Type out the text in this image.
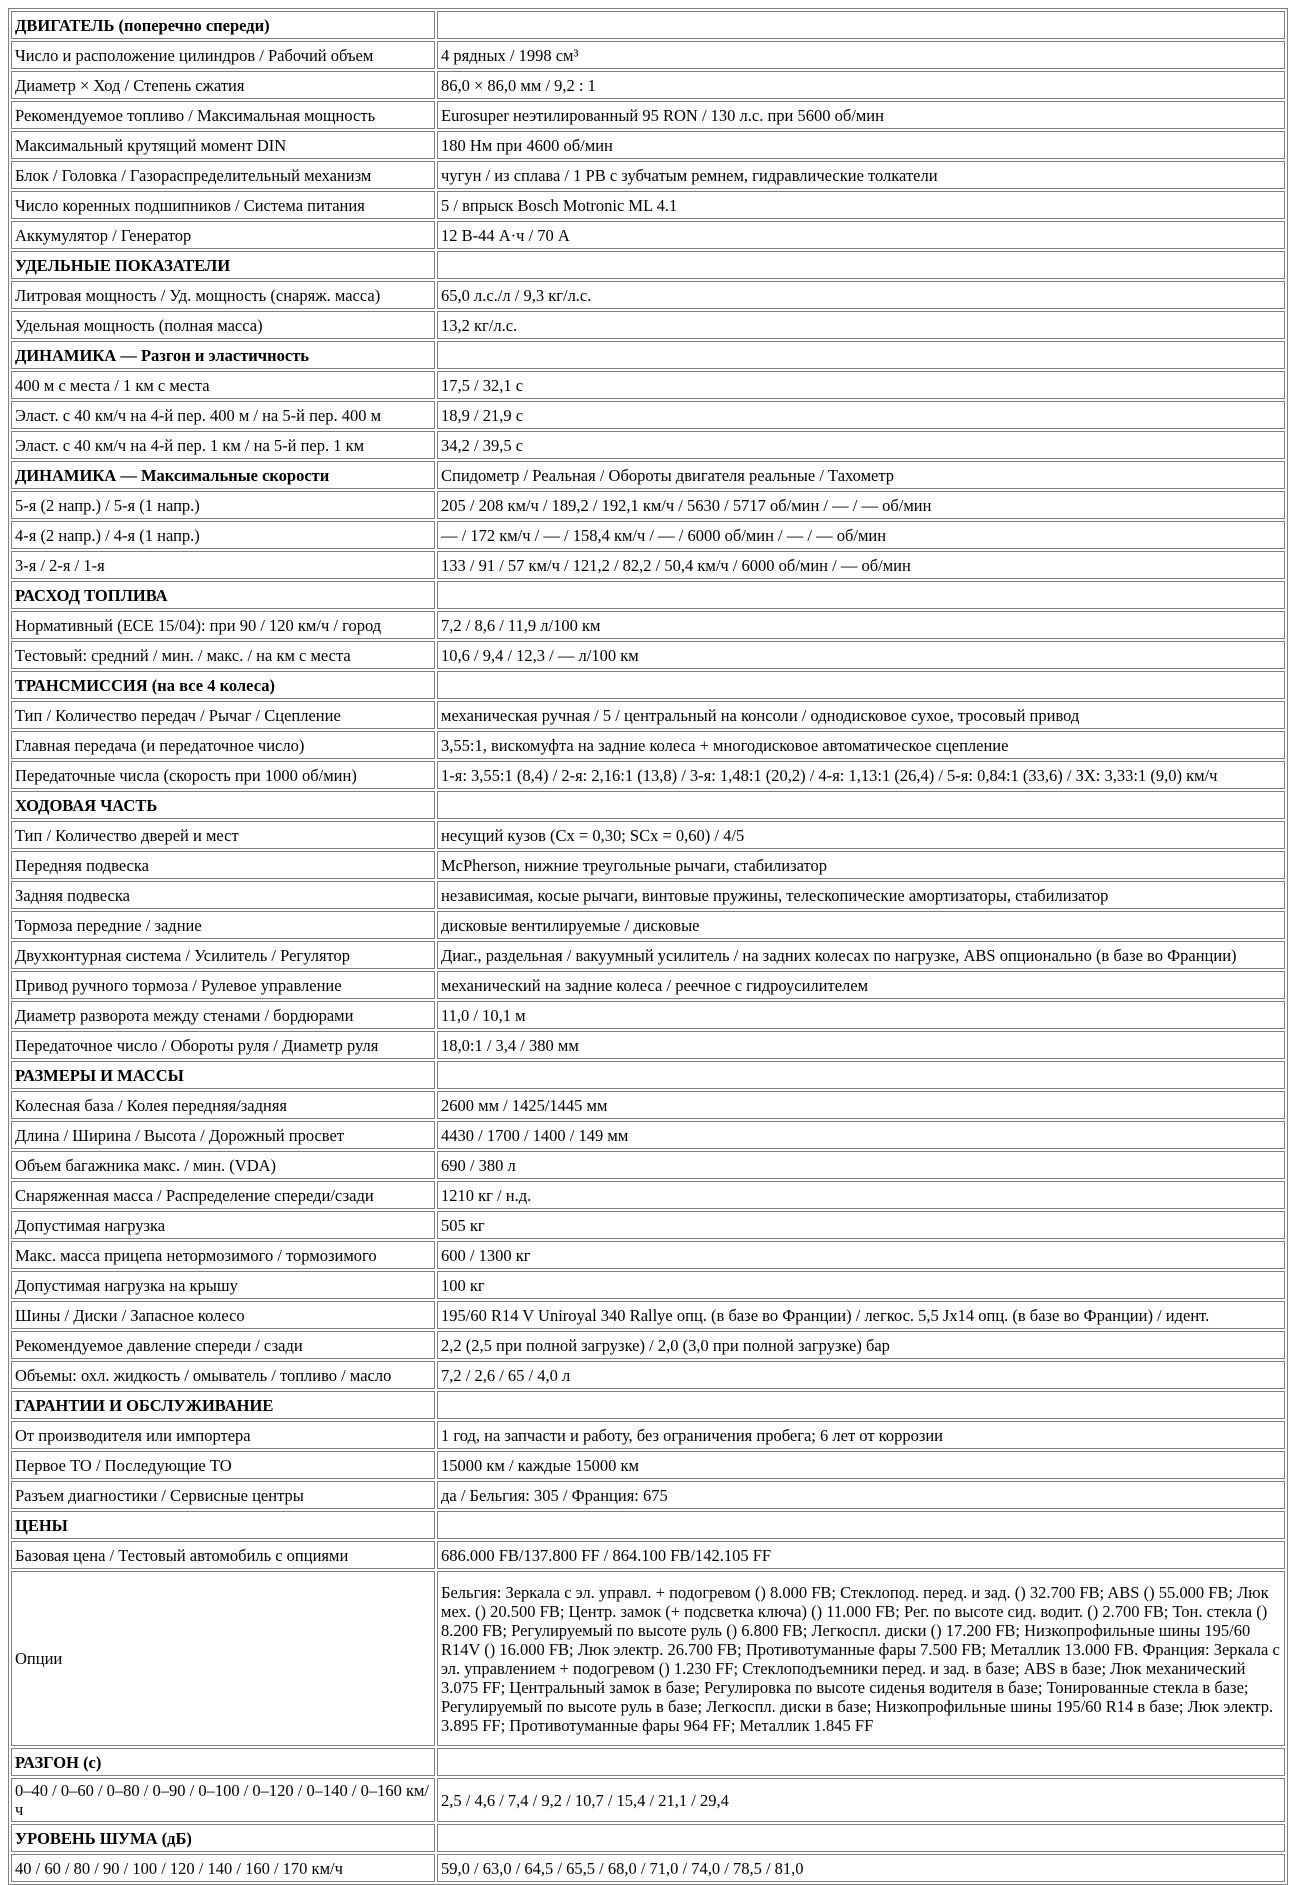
ДВИГАТЕЛЬ (поперечно спереди)	
Число и расположение цилиндров / Рабочий объем	4 рядных / 1998 см³
Диаметр × Ход / Степень сжатия	86,0 × 86,0 мм / 9,2 : 1
Рекомендуемое топливо / Максимальная мощность	Eurosuper неэтилированный 95 RON / 130 л.с. при 5600 об/мин
Максимальный крутящий момент DIN	180 Нм при 4600 об/мин
Блок / Головка / Газораспределительный механизм	чугун / из сплава / 1 РВ с зубчатым ремнем, гидравлические толкатели
Число коренных подшипников / Система питания	5 / впрыск Bosch Motronic ML 4.1
Аккумулятор / Генератор	12 В-44 А·ч / 70 А
УДЕЛЬНЫЕ ПОКАЗАТЕЛИ	
Литровая мощность / Уд. мощность (снаряж. масса)	65,0 л.с./л / 9,3 кг/л.с.
Удельная мощность (полная масса)	13,2 кг/л.с.
ДИНАМИКА — Разгон и эластичность	
400 м с места / 1 км с места	17,5 / 32,1 с
Эласт. с 40 км/ч на 4-й пер. 400 м / на 5-й пер. 400 м	18,9 / 21,9 с
Эласт. с 40 км/ч на 4-й пер. 1 км / на 5-й пер. 1 км	34,2 / 39,5 с
ДИНАМИКА — Максимальные скорости	Спидометр / Реальная / Обороты двигателя реальные / Тахометр
5-я (2 напр.) / 5-я (1 напр.)	205 / 208 км/ч / 189,2 / 192,1 км/ч / 5630 / 5717 об/мин / — / — об/мин
4-я (2 напр.) / 4-я (1 напр.)	— / 172 км/ч / — / 158,4 км/ч / — / 6000 об/мин / — / — об/мин
3-я / 2-я / 1-я	133 / 91 / 57 км/ч / 121,2 / 82,2 / 50,4 км/ч / 6000 об/мин / — об/мин
РАСХОД ТОПЛИВА	
Нормативный (ЕСЕ 15/04): при 90 / 120 км/ч / город	7,2 / 8,6 / 11,9 л/100 км
Тестовый: средний / мин. / макс. / на км с места	10,6 / 9,4 / 12,3 / — л/100 км
ТРАНСМИССИЯ (на все 4 колеса)	
Тип / Количество передач / Рычаг / Сцепление	механическая ручная / 5 / центральный на консоли / однодисковое сухое, тросовый привод
Главная передача (и передаточное число)	3,55:1, вискомуфта на задние колеса + многодисковое автоматическое сцепление
Передаточные числа (скорость при 1000 об/мин)	1-я: 3,55:1 (8,4) / 2-я: 2,16:1 (13,8) / 3-я: 1,48:1 (20,2) / 4-я: 1,13:1 (26,4) / 5-я: 0,84:1 (33,6) / ЗХ: 3,33:1 (9,0) км/ч
ХОДОВАЯ ЧАСТЬ	
Тип / Количество дверей и мест	несущий кузов (Cx = 0,30; SCx = 0,60) / 4/5
Передняя подвеска	McPherson, нижние треугольные рычаги, стабилизатор
Задняя подвеска	независимая, косые рычаги, винтовые пружины, телескопические амортизаторы, стабилизатор
Тормоза передние / задние	дисковые вентилируемые / дисковые
Двухконтурная система / Усилитель / Регулятор	Диаг., раздельная / вакуумный усилитель / на задних колесах по нагрузке, ABS опционально (в базе во Франции)
Привод ручного тормоза / Рулевое управление	механический на задние колеса / реечное с гидроусилителем
Диаметр разворота между стенами / бордюрами	11,0 / 10,1 м
Передаточное число / Обороты руля / Диаметр руля	18,0:1 / 3,4 / 380 мм
РАЗМЕРЫ И МАССЫ	
Колесная база / Колея передняя/задняя	2600 мм / 1425/1445 мм
Длина / Ширина / Высота / Дорожный просвет	4430 / 1700 / 1400 / 149 мм
Объем багажника макс. / мин. (VDA)	690 / 380 л
Снаряженная масса / Распределение спереди/сзади	1210 кг / н.д.
Допустимая нагрузка	505 кг
Макс. масса прицепа нетормозимого / тормозимого	600 / 1300 кг
Допустимая нагрузка на крышу	100 кг
Шины / Диски / Запасное колесо	195/60 R14 V Uniroyal 340 Rallye опц. (в базе во Франции) / легкос. 5,5 Jx14 опц. (в базе во Франции) / идент.
Рекомендуемое давление спереди / сзади	2,2 (2,5 при полной загрузке) / 2,0 (3,0 при полной загрузке) бар
Объемы: охл. жидкость / омыватель / топливо / масло	7,2 / 2,6 / 65 / 4,0 л
ГАРАНТИИ И ОБСЛУЖИВАНИЕ	
От производителя или импортера	1 год, на запчасти и работу, без ограничения пробега; 6 лет от коррозии
Первое ТО / Последующие ТО	15000 км / каждые 15000 км
Разъем диагностики / Сервисные центры	да / Бельгия: 305 / Франция: 675
ЦЕНЫ	
Базовая цена / Тестовый автомобиль с опциями	686.000 FB/137.800 FF / 864.100 FB/142.105 FF
Опции	Бельгия: Зеркала с эл. управл. + подогревом () 8.000 FB; Стеклопод. перед. и зад. () 32.700 FB; ABS () 55.000 FB; Люк мех. () 20.500 FB; Центр. замок (+ подсветка ключа) () 11.000 FB; Рег. по высоте сид. водит. () 2.700 FB; Тон. стекла () 8.200 FB; Регулируемый по высоте руль () 6.800 FB; Легкоспл. диски () 17.200 FB; Низкопрофильные шины 195/60 R14V () 16.000 FB; Люк электр. 26.700 FB; Противотуманные фары 7.500 FB; Металлик 13.000 FB. Франция: Зеркала с эл. управлением + подогревом () 1.230 FF; Стеклоподъемники перед. и зад. в базе; ABS в базе; Люк механический 3.075 FF; Центральный замок в базе; Регулировка по высоте сиденья водителя в базе; Тонированные стекла в базе; Регулируемый по высоте руль в базе; Легкоспл. диски в базе; Низкопрофильные шины 195/60 R14 в базе; Люк электр. 3.895 FF; Противотуманные фары 964 FF; Металлик 1.845 FF
РАЗГОН (с)	
0–40 / 0–60 / 0–80 / 0–90 / 0–100 / 0–120 / 0–140 / 0–160 км/ч	2,5 / 4,6 / 7,4 / 9,2 / 10,7 / 15,4 / 21,1 / 29,4
УРОВЕНЬ ШУМА (дБ)	
40 / 60 / 80 / 90 / 100 / 120 / 140 / 160 / 170 км/ч	59,0 / 63,0 / 64,5 / 65,5 / 68,0 / 71,0 / 74,0 / 78,5 / 81,0
